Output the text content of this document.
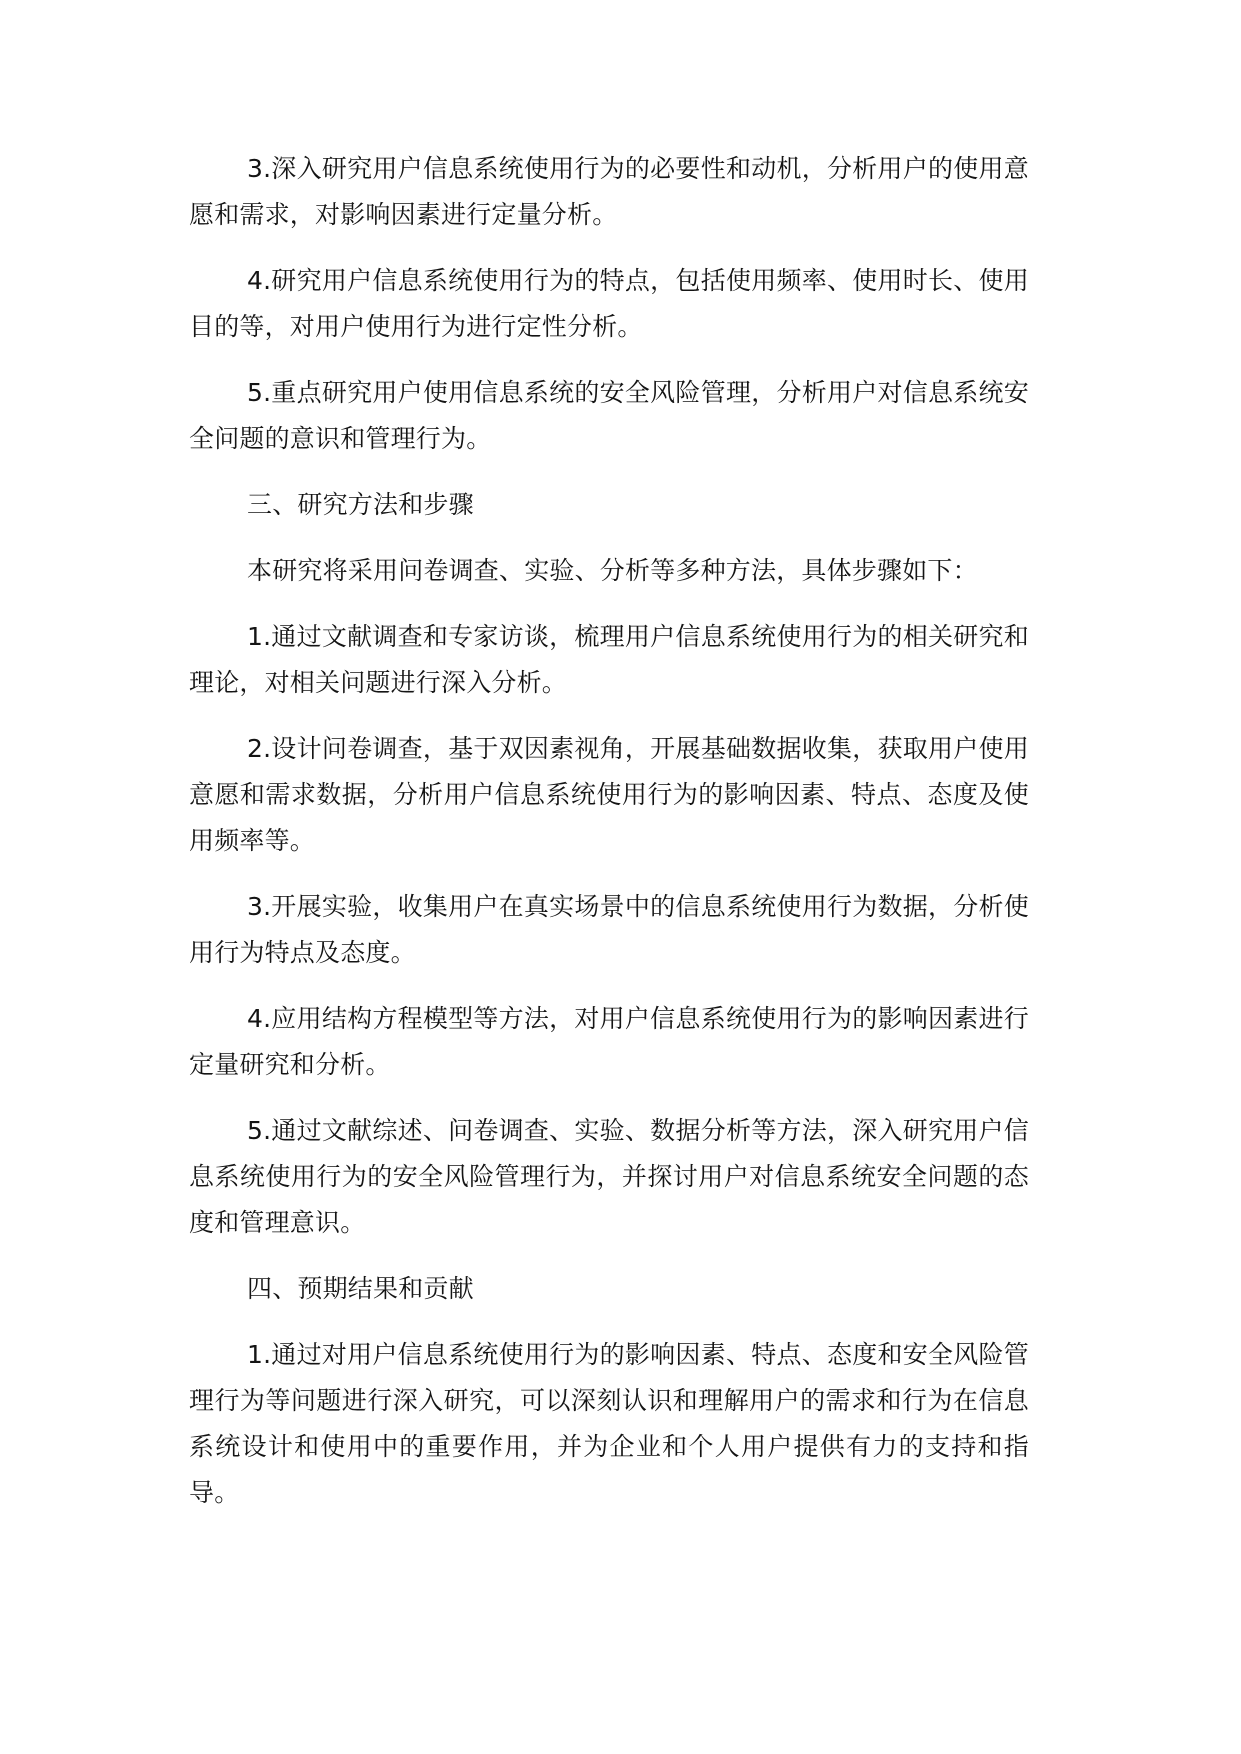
3.深入研究用户信息系统使用行为的必要性和动机，分析用户的使用意愿和需求，对影响因素进行定量分析。

4.研究用户信息系统使用行为的特点，包括使用频率、使用时长、使用目的等，对用户使用行为进行定性分析。

5.重点研究用户使用信息系统的安全风险管理，分析用户对信息系统安全问题的意识和管理行为。

三、研究方法和步骤

本研究将采用问卷调查、实验、分析等多种方法，具体步骤如下：

1.通过文献调查和专家访谈，梳理用户信息系统使用行为的相关研究和理论，对相关问题进行深入分析。

2.设计问卷调查，基于双因素视角，开展基础数据收集，获取用户使用意愿和需求数据，分析用户信息系统使用行为的影响因素、特点、态度及使用频率等。

3.开展实验，收集用户在真实场景中的信息系统使用行为数据，分析使用行为特点及态度。

4.应用结构方程模型等方法，对用户信息系统使用行为的影响因素进行定量研究和分析。

5.通过文献综述、问卷调查、实验、数据分析等方法，深入研究用户信息系统使用行为的安全风险管理行为，并探讨用户对信息系统安全问题的态度和管理意识。

四、预期结果和贡献

1.通过对用户信息系统使用行为的影响因素、特点、态度和安全风险管理行为等问题进行深入研究，可以深刻认识和理解用户的需求和行为在信息系统设计和使用中的重要作用，并为企业和个人用户提供有力的支持和指导。
